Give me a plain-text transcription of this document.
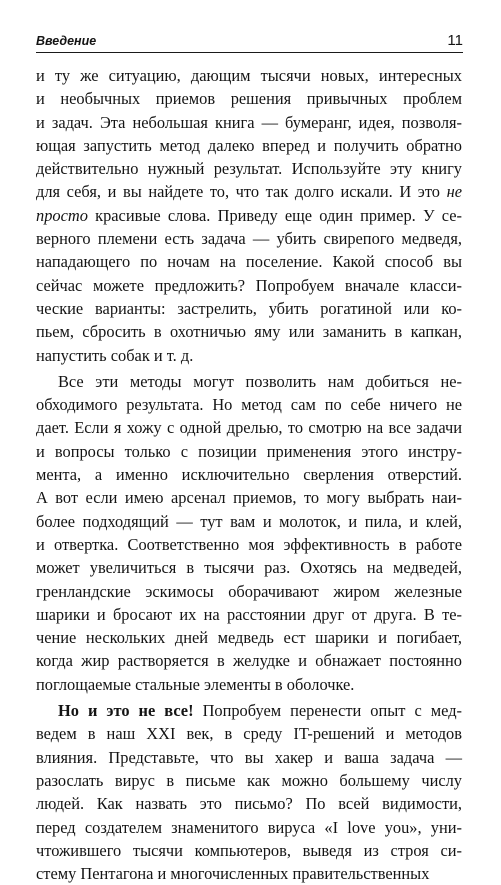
Введение	11
и ту же ситуацию, дающим тысячи новых, интересных
и необычных приемов решения привычных проблем
и задач. Эта небольшая книга — бумеранг, идея, позволя-
ющая запустить метод далеко вперед и получить обратно
действительно нужный результат. Используйте эту книгу
для себя, и вы найдете то, что так долго искали. И это не
просто красивые слова. Приведу еще один пример. У се-
верного племени есть задача — убить свирепого медведя,
нападающего по ночам на поселение. Какой способ вы
сейчас можете предложить? Попробуем вначале класси-
ческие варианты: застрелить, убить рогатиной или ко-
пьем, сбросить в охотничью яму или заманить в капкан,
напустить собак и т. д.
Все эти методы могут позволить нам добиться не-
обходимого результата. Но метод сам по себе ничего не
дает. Если я хожу с одной дрелью, то смотрю на все задачи
и вопросы только с позиции применения этого инстру-
мента, а именно исключительно сверления отверстий.
А вот если имею арсенал приемов, то могу выбрать наи-
более подходящий — тут вам и молоток, и пила, и клей,
и отвертка. Соответственно моя эффективность в работе
может увеличиться в тысячи раз. Охотясь на медведей,
гренландские эскимосы оборачивают жиром железные
шарики и бросают их на расстоянии друг от друга. В те-
чение нескольких дней медведь ест шарики и погибает,
когда жир растворяется в желудке и обнажает постоянно
поглощаемые стальные элементы в оболочке.
Но и это не все! Попробуем перенести опыт с мед-
ведем в наш XXI век, в среду IT-решений и методов
влияния. Представьте, что вы хакер и ваша задача —
разослать вирус в письме как можно большему числу
людей. Как назвать это письмо? По всей видимости,
перед создателем знаменитого вируса «I love you», уни-
чтожившего тысячи компьютеров, выведя из строя си-
стему Пентагона и многочисленных правительственных
